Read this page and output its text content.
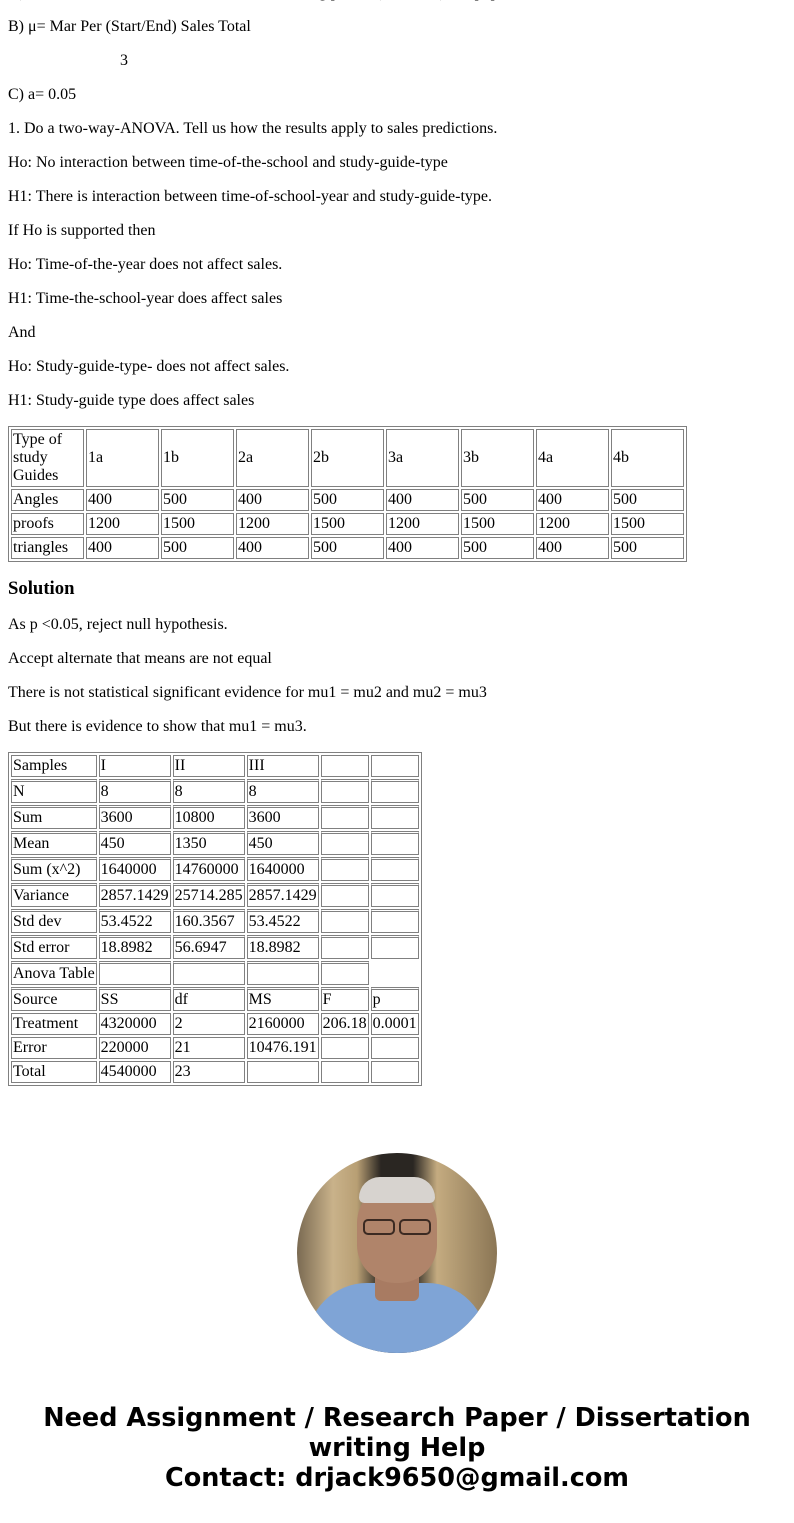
B) μ= Mar Per (Start/End) Sales Total

3

C) a= 0.05

1. Do a two-way-ANOVA. Tell us how the results apply to sales predictions.

Ho: No interaction between time-of-the-school and study-guide-type

H1: There is interaction between time-of-school-year and study-guide-type.

If Ho is supported then

Ho: Time-of-the-year does not affect sales.

H1: Time-the-school-year does affect sales

And

Ho: Study-guide-type- does not affect sales.

H1: Study-guide type does affect sales

Type of study Guides	1a	1b	2a	2b	3a	3b	4a	4b
Angles	400	500	400	500	400	500	400	500
proofs	1200	1500	1200	1500	1200	1500	1200	1500
triangles	400	500	400	500	400	500	400	500
Solution

As p <0.05, reject null hypothesis.

Accept alternate that means are not equal

There is not statistical significant evidence for mu1 = mu2 and mu2 = mu3

But there is evidence to show that mu1 = mu3.

Samples	I	II	III		
N	8	8	8		
Sum	3600	10800	3600		
Mean	450	1350	450		
Sum (x^2)	1640000	14760000	1640000		
Variance	2857.1429	25714.285	2857.1429		
Std dev	53.4522	160.3567	53.4522		
Std error	18.8982	56.6947	18.8982		
Anova Table					
Source	SS	df	MS	F	p
Treatment	4320000	2	2160000	206.18	0.0001
Error	220000	21	10476.191		
Total	4540000	23			
Need Assignment / Research Paper / Dissertation
writing Help
Contact: drjack9650@gmail.com
